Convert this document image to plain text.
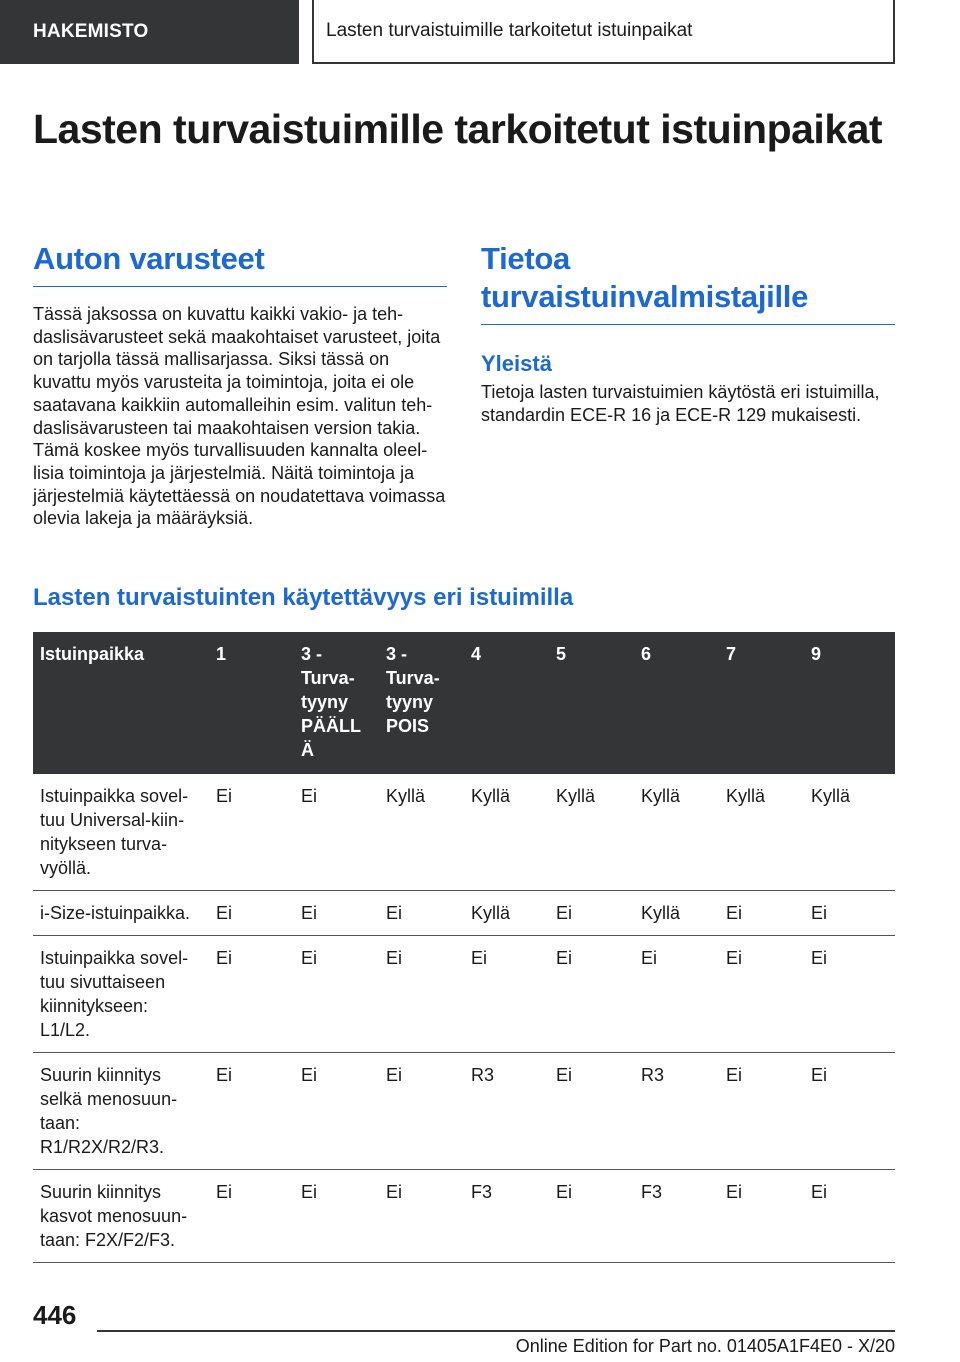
HAKEMISTO	Lasten turvaistuimille tarkoitetut istuinpaikat
Lasten turvaistuimille tarkoitetut istuinpaikat
Auton varusteet

Tässä jaksossa on kuvattu kaikki vakio- ja tehdaslisävarusteet sekä maakohtaiset varusteet, joita on tarjolla tässä mallisarjassa. Siksi tässä on kuvattu myös varusteita ja toimintoja, joita ei ole saatavana kaikkiin automalleihin esim. valitun tehdaslisävarusteen tai maakohtaisen version takia. Tämä koskee myös turvallisuuden kannalta oleellisia toimintoja ja järjestelmiä. Näitä toimintoja ja järjestelmiä käytettäessä on noudatettava voimassa olevia lakeja ja määräyksiä.

Tietoa turvaistuinvalmistajille
Yleistä

Tietoja lasten turvaistuimien käytöstä eri istuimilla, standardin ECE-R 16 ja ECE-R 129 mukaisesti.

Lasten turvaistuinten käytettävyys eri istuimilla
Istuinpaikka	1	3 - Turvatyyny PÄÄLL Ä	3 - Turvatyyny POIS	4	5	6	7	9
Istuinpaikka soveltuu Universal-kiinnitykseen turvavyöllä.	Ei	Ei	Kyllä	Kyllä	Kyllä	Kyllä	Kyllä	Kyllä
i-Size-istuinpaikka.	Ei	Ei	Ei	Kyllä	Ei	Kyllä	Ei	Ei
Istuinpaikka soveltuu sivuttaiseen kiinnitykseen: L1/L2.	Ei	Ei	Ei	Ei	Ei	Ei	Ei	Ei
Suurin kiinnitys selkä menosuuntaan: R1/R2X/R2/R3.	Ei	Ei	Ei	R3	Ei	R3	Ei	Ei
Suurin kiinnitys kasvot menosuuntaan: F2X/F2/F3.	Ei	Ei	Ei	F3	Ei	F3	Ei	Ei
446
Online Edition for Part no. 01405A1F4E0 - X/20
